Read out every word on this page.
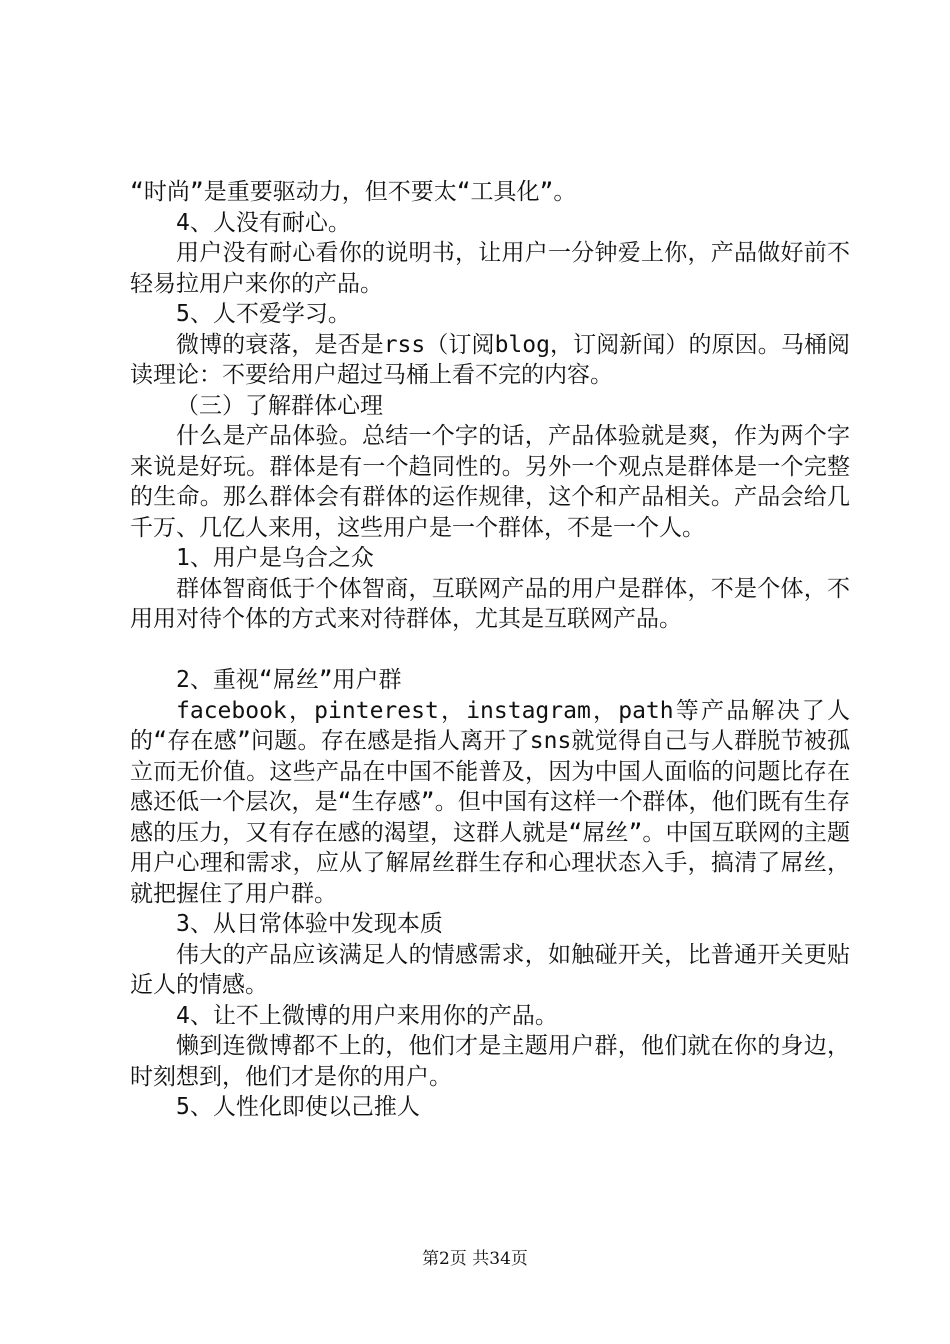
“时尚”是重要驱动力，但不要太“工具化”。

4、人没有耐心。

用户没有耐心看你的说明书，让用户一分钟爱上你，产品做好前不轻易拉用户来你的产品。

5、人不爱学习。

微博的衰落，是否是rss（订阅blog，订阅新闻）的原因。马桶阅读理论：不要给用户超过马桶上看不完的内容。

（三）了解群体心理

什么是产品体验。总结一个字的话，产品体验就是爽，作为两个字来说是好玩。群体是有一个趋同性的。另外一个观点是群体是一个完整的生命。那么群体会有群体的运作规律，这个和产品相关。产品会给几千万、几亿人来用，这些用户是一个群体，不是一个人。

1、用户是乌合之众

群体智商低于个体智商，互联网产品的用户是群体，不是个体，不用用对待个体的方式来对待群体，尤其是互联网产品。

2、重视“屌丝”用户群

facebook，pinterest，instagram，path等产品解决了人的“存在感”问题。存在感是指人离开了sns就觉得自己与人群脱节被孤立而无价值。这些产品在中国不能普及，因为中国人面临的问题比存在感还低一个层次，是“生存感”。但中国有这样一个群体，他们既有生存感的压力，又有存在感的渴望，这群人就是“屌丝”。中国互联网的主题用户心理和需求，应从了解屌丝群生存和心理状态入手，搞清了屌丝，就把握住了用户群。

3、从日常体验中发现本质

伟大的产品应该满足人的情感需求，如触碰开关，比普通开关更贴近人的情感。

4、让不上微博的用户来用你的产品。

懒到连微博都不上的，他们才是主题用户群，他们就在你的身边，时刻想到，他们才是你的用户。

5、人性化即使以己推人

第2页 共34页
